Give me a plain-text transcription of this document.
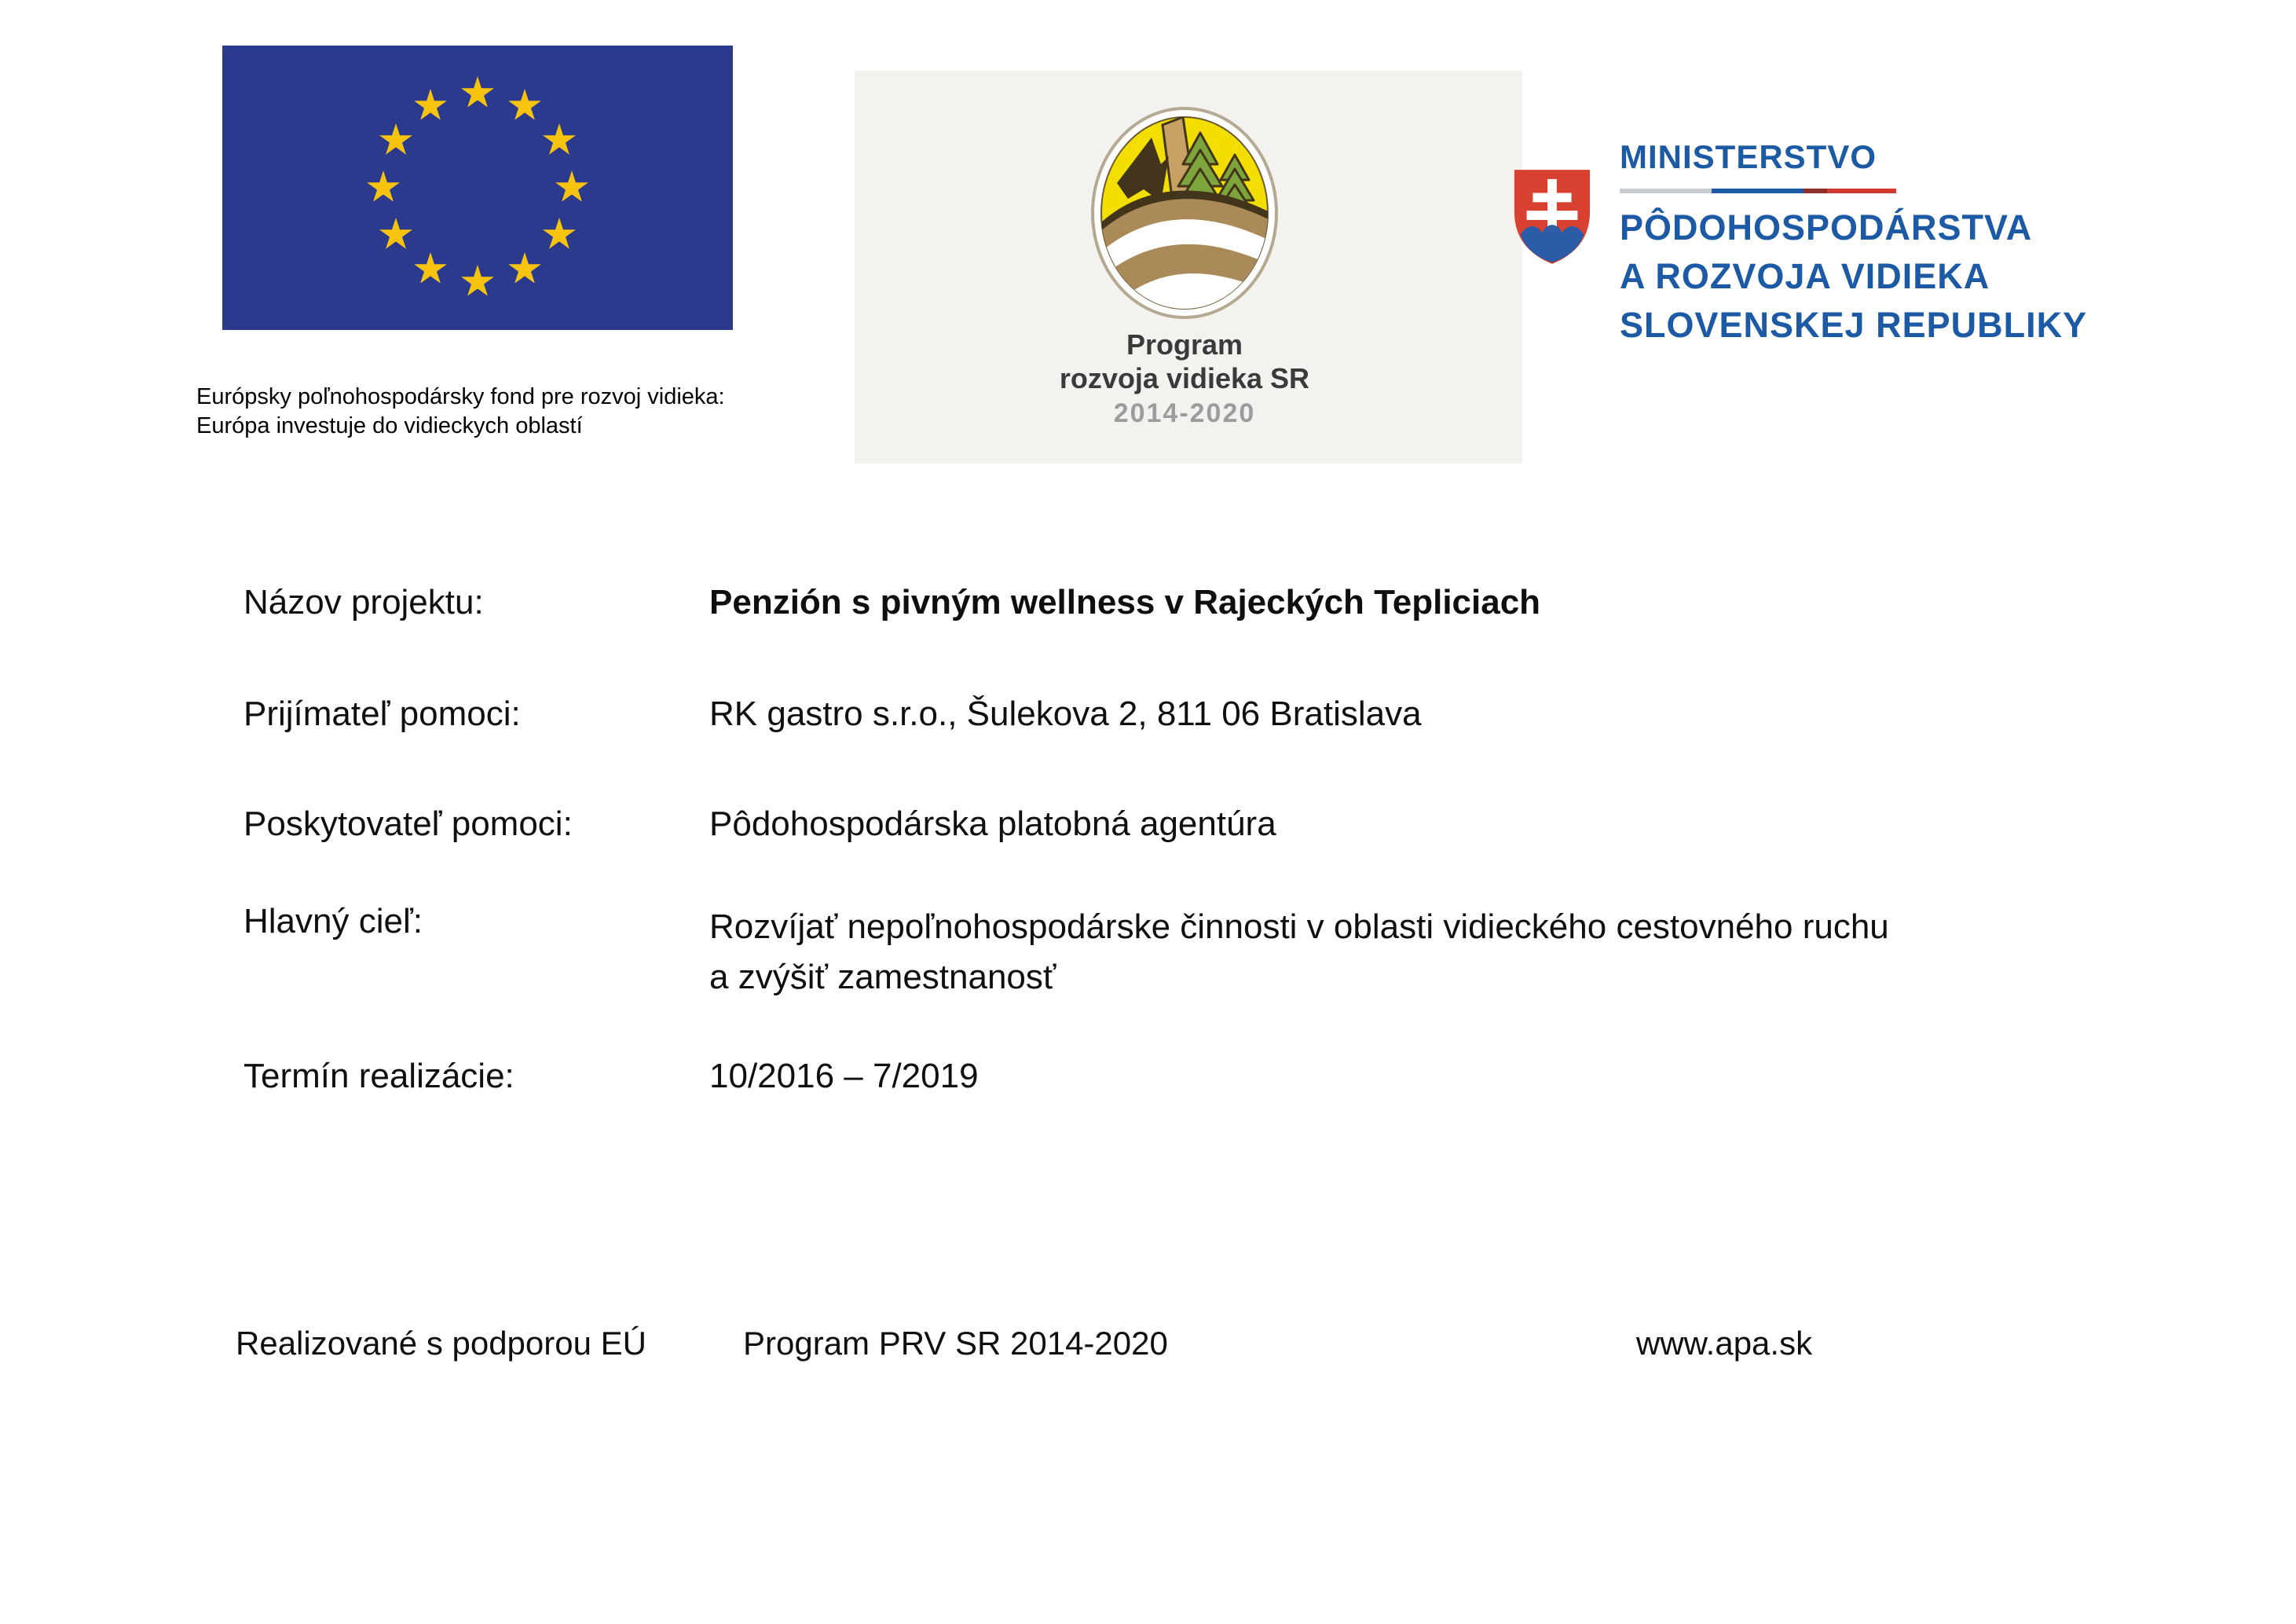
Európsky poľnohospodársky fond pre rozvoj vidieka:
Európa investuje do vidieckych oblastí
Program
rozvoja vidieka SR
2014-2020
MINISTERSTVO
PÔDOHOSPODÁRSTVA
A ROZVOJA VIDIEKA
SLOVENSKEJ REPUBLIKY
Názov projektu:	Penzión s pivným wellness v Rajeckých Tepliciach
Prijímateľ pomoci:	RK gastro s.r.o., Šulekova 2, 811 06 Bratislava
Poskytovateľ pomoci:	Pôdohospodárska platobná agentúra
Hlavný cieľ:	Rozvíjať nepoľnohospodárske činnosti v oblasti vidieckého cestovného ruchu a zvýšiť zamestnanosť
Termín realizácie:	10/2016 – 7/2019
Realizované s podporou EÚ	Program PRV SR 2014-2020	www.apa.sk
